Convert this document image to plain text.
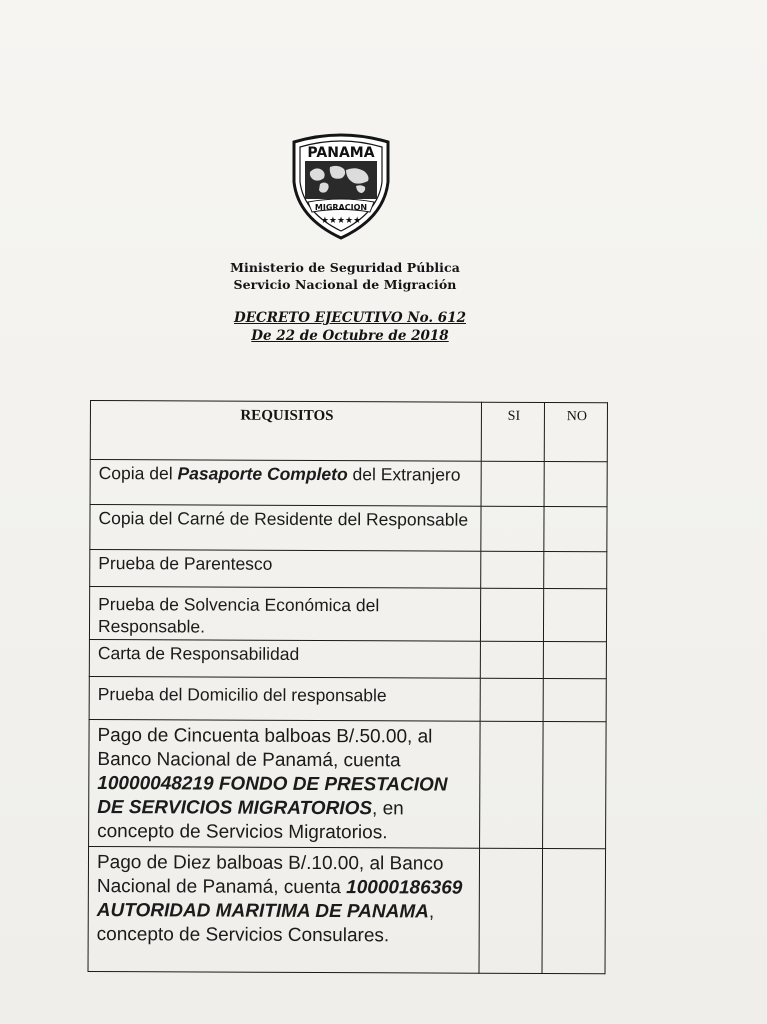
PANAMA
MIGRACION
★★★★★
Ministerio de Seguridad Pública
Servicio Nacional de Migración
DECRETO EJECUTIVO No. 612
De 22 de Octubre de 2018
REQUISITOS	SI	NO
Copia del Pasaporte Completo del Extranjero		
Copia del Carné de Residente del Responsable		
Prueba de Parentesco		
Prueba de Solvencia Económica del Responsable.		
Carta de Responsabilidad		
Prueba del Domicilio del responsable		
Pago de Cincuenta balboas B/.50.00, al Banco Nacional de Panamá, cuenta 10000048219 FONDO DE PRESTACION DE SERVICIOS MIGRATORIOS, en concepto de Servicios Migratorios.		
Pago de Diez balboas B/.10.00, al Banco Nacional de Panamá, cuenta 10000186369 AUTORIDAD MARITIMA DE PANAMA, concepto de Servicios Consulares.		
